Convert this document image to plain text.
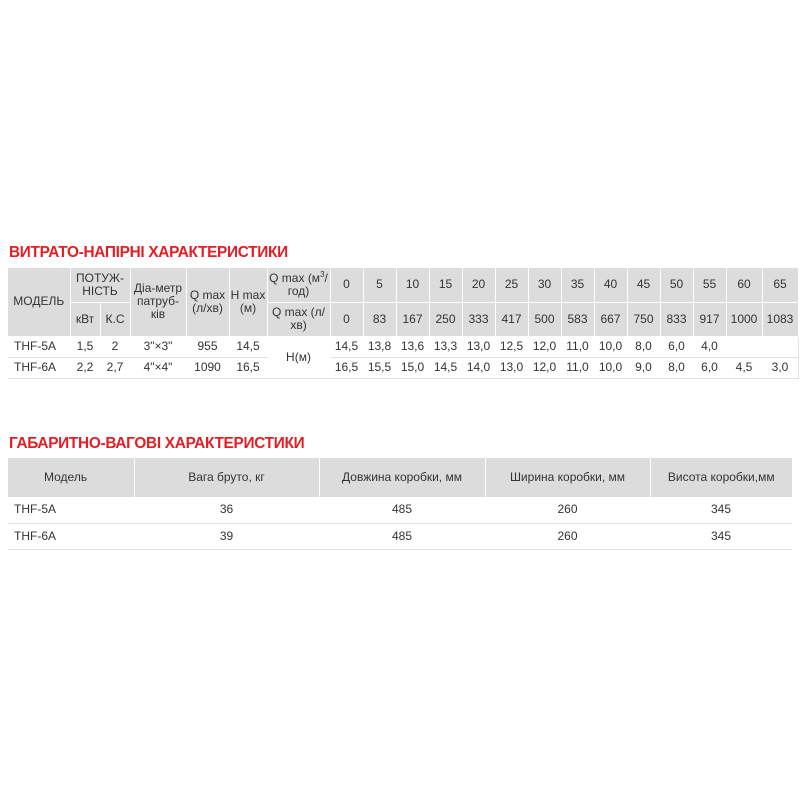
ВИТРАТО-НАПІРНІ ХАРАКТЕРИСТИКИ
МОДЕЛЬ	ПОТУЖ-НІСТЬ		Діа-метр патруб-ків	Q max (л/хв)	H max (м)	Q $\max (м^3/год)$	0	5	10	15	20	25	30	35	40	45	50	55	60	65
	кВт	К.С				Q max (л/хв)	0	83	167	250	333	417	500	583	667	750	833	917	1000	1083
THF-5A	1,5	2	3"×3"	955	14,5	H(м)	14,5	13,8	13,6	13,3	13,0	12,5	12,0	11,0	10,0	8,0	6,0	4,0		
THF-6A	2,2	2,7	4"×4"	1090	16,5		16,5	15,5	15,0	14,5	14,0	13,0	12,0	11,0	10,0	9,0	8,0	6,0	4,5	3,0
ГАБАРИТНО-ВАГОВІ ХАРАКТЕРИСТИКИ
Модель	Вага бруто, кг	Довжина коробки, мм	Ширина коробки, мм	Висота коробки,мм
THF-5A	36	485	260	345
THF-6A	39	485	260	345
